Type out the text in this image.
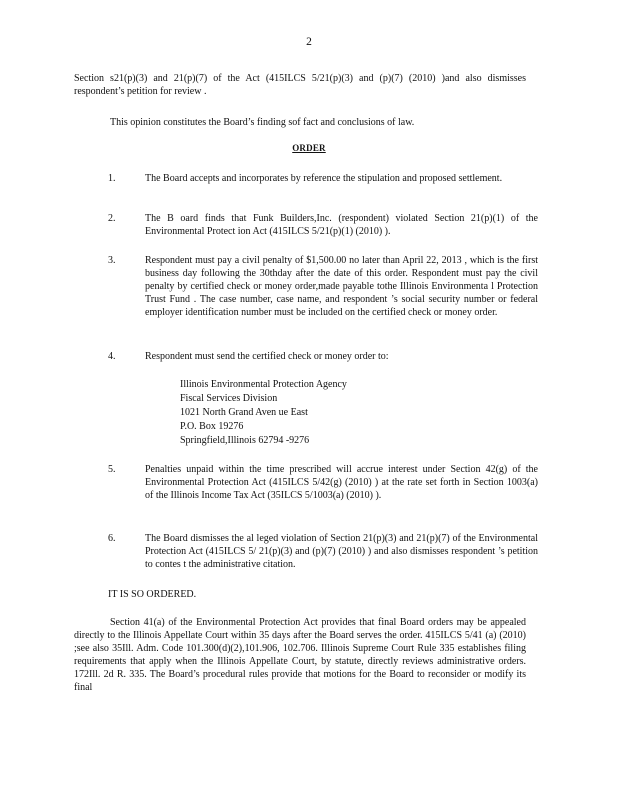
2
Section s21(p)(3) and 21(p)(7) of the Act (415ILCS 5/21(p)(3) and (p)(7) (2010) )and also dismisses respondent’s petition for review .
This opinion constitutes the Board’s finding sof fact and conclusions of law.
ORDER
1.	The Board accepts and incorporates by reference the stipulation and proposed settlement.
2.	The B oard finds that Funk Builders,Inc. (respondent) violated Section 21(p)(1) of the Environmental Protect ion Act (415ILCS 5/21(p)(1) (2010) ).
3.	Respondent must pay a civil penalty of $1,500.00 no later than April 22, 2013 , which is the first business day following the 30thday after the date of this order. Respondent must pay the civil penalty by certified check or money order,made payable tothe Illinois Environmenta l Protection Trust Fund . The case number, case name, and respondent ’s social security number or federal employer identification number must be included on the certified check or money order.
4.	Respondent must send the certified check or money order to:
Illinois Environmental Protection Agency
Fiscal Services Division
1021 North Grand Aven ue East
P.O. Box 19276
Springfield,Illinois 62794 -9276
5.	Penalties unpaid within the time prescribed will accrue interest under Section 42(g) of the Environmental Protection Act (415ILCS 5/42(g) (2010) ) at the rate set forth in Section 1003(a) of the Illinois Income Tax Act (35ILCS 5/1003(a) (2010) ).
6.	The Board dismisses the al leged violation of Section 21(p)(3) and 21(p)(7) of the Environmental Protection Act (415ILCS 5/ 21(p)(3) and (p)(7) (2010) ) and also dismisses respondent ’s petition to contes t the administrative citation.
IT IS SO ORDERED.
Section 41(a) of the Environmental Protection Act provides that final Board orders may be appealed directly to the Illinois Appellate Court within 35 days after the Board serves the order. 415ILCS 5/41 (a) (2010) ;see also 35Ill. Adm. Code 101.300(d)(2),101.906, 102.706. Illinois Supreme Court Rule 335 establishes filing requirements that apply when the Illinois Appellate Court, by statute, directly reviews administrative orders. 172Ill. 2d R. 335. The Board’s procedural rules provide that motions for the Board to reconsider or modify its final
